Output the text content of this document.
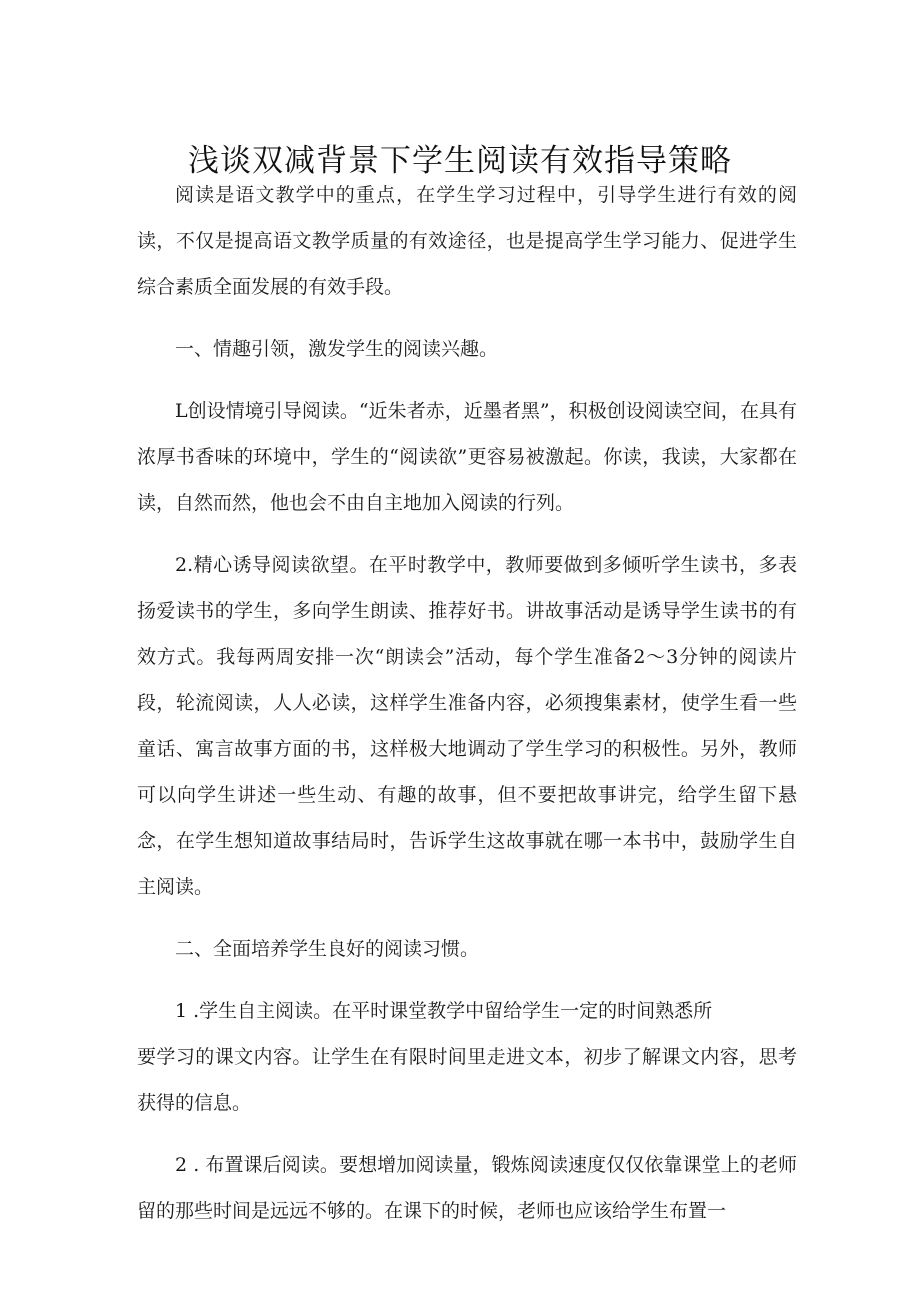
浅谈双减背景下学生阅读有效指导策略

阅读是语文教学中的重点，在学生学习过程中，引导学生进行有效的阅读，不仅是提高语文教学质量的有效途径，也是提高学生学习能力、促进学生综合素质全面发展的有效手段。

一、情趣引领，激发学生的阅读兴趣。

L创设情境引导阅读。“近朱者赤，近墨者黑”，积极创设阅读空间，在具有浓厚书香味的环境中，学生的“阅读欲”更容易被激起。你读，我读，大家都在读，自然而然，他也会不由自主地加入阅读的行列。

2.精心诱导阅读欲望。在平时教学中，教师要做到多倾听学生读书，多表扬爱读书的学生，多向学生朗读、推荐好书。讲故事活动是诱导学生读书的有效方式。我每两周安排一次“朗读会”活动，每个学生准备2～3分钟的阅读片段，轮流阅读，人人必读，这样学生准备内容，必须搜集素材，使学生看一些童话、寓言故事方面的书，这样极大地调动了学生学习的积极性。另外，教师可以向学生讲述一些生动、有趣的故事，但不要把故事讲完，给学生留下悬念，在学生想知道故事结局时，告诉学生这故事就在哪一本书中，鼓励学生自主阅读。

二、全面培养学生良好的阅读习惯。

1 .学生自主阅读。在平时课堂教学中留给学生一定的时间熟悉所

要学习的课文内容。让学生在有限时间里走进文本，初步了解课文内容，思考获得的信息。

2 . 布置课后阅读。要想增加阅读量，锻炼阅读速度仅仅依靠课堂上的老师留的那些时间是远远不够的。在课下的时候，老师也应该给学生布置一
